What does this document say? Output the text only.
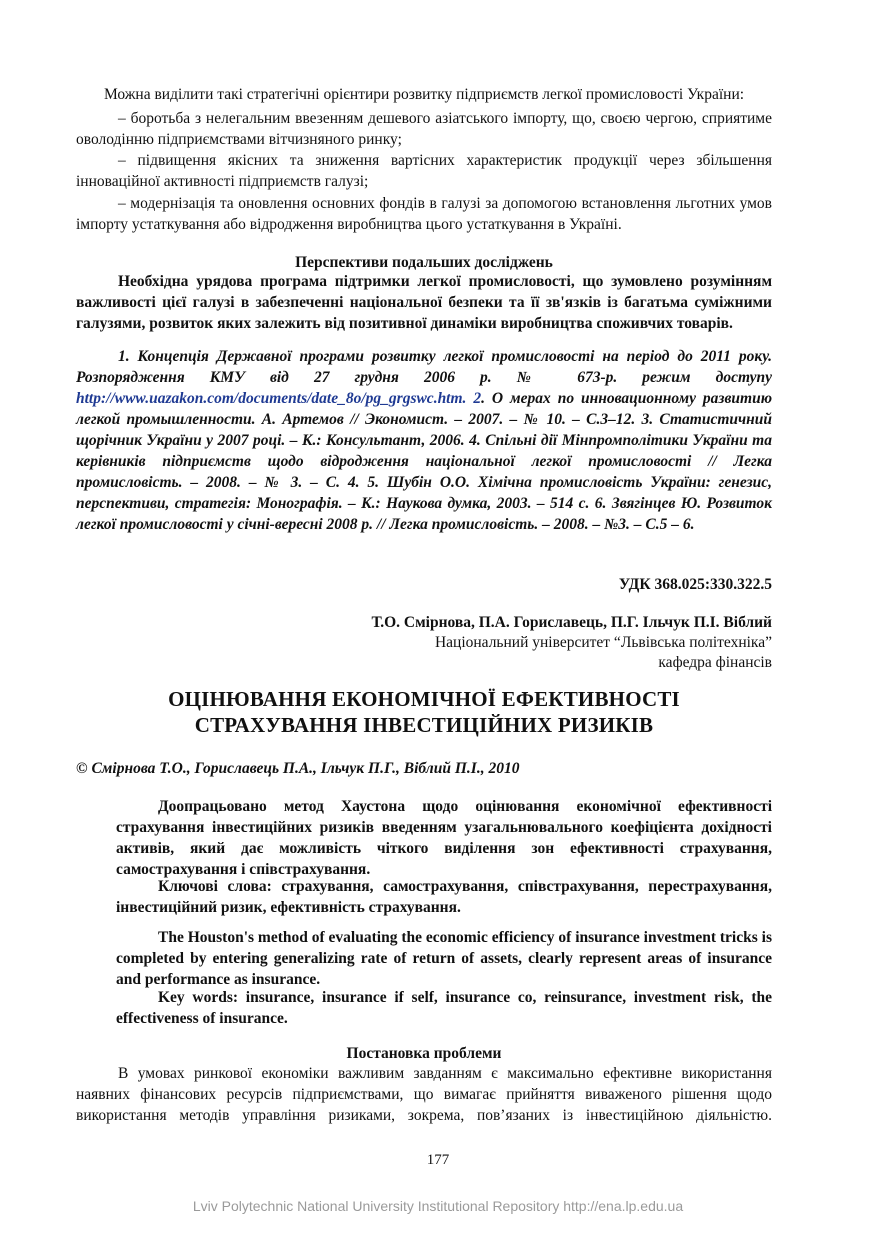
Можна виділити такі стратегічні орієнтири розвитку підприємств легкої промисловості України:

– боротьба з нелегальним ввезенням дешевого азіатського імпорту, що, своєю чергою, сприятиме оволодінню підприємствами вітчизняного ринку;

– підвищення якісних та зниження вартісних характеристик продукції через збільшення інноваційної активності підприємств галузі;

– модернізація та оновлення основних фондів в галузі за допомогою встановлення льготних умов імпорту устаткування або відродження виробництва цього устаткування в Україні.

Перспективи подальших досліджень

Необхідна урядова програма підтримки легкої промисловості, що зумовлено розумінням важливості цієї галузі в забезпеченні національної безпеки та її зв'язків із багатьма суміжними галузями, розвиток яких залежить від позитивної динаміки виробництва споживчих товарів.

1. Концепція Державної програми розвитку легкої промисловості на період до 2011 року. Розпорядження КМУ від 27 грудня 2006 р. № 673-р. режим доступу http://www.uazakon.com/documents/date_8o/pg_grgswc.htm. 2. О мерах по инновационному развитию легкой промышленности. А. Артемов // Экономист. – 2007. – № 10. – С.3–12. 3. Статистичний щорічник України у 2007 році. – К.: Консультант, 2006. 4. Спільні дії Мінпромполітики України та керівників підприємств щодо відродження національної легкої промисловості // Легка промисловість. – 2008. – № 3. – С. 4. 5. Шубін О.О. Хімічна промисловість України: генезис, перспективи, стратегія: Монографія. – К.: Наукова думка, 2003. – 514 с. 6. Звягінцев Ю. Розвиток легкої промисловості у січні-вересні 2008 р. // Легка промисловість. – 2008. – №3. – С.5 – 6.

УДК 368.025:330.322.5

Т.О. Смірнова, П.А. Гориславець, П.Г. Ільчук П.І. Віблий

Національний університет “Львівська політехніка”

кафедра фінансів

ОЦІНЮВАННЯ ЕКОНОМІЧНОЇ ЕФЕКТИВНОСТІ
СТРАХУВАННЯ ІНВЕСТИЦІЙНИХ РИЗИКІВ

© Смірнова Т.О., Гориславець П.А., Ільчук П.Г., Віблий П.І., 2010

Доопрацьовано метод Хаустона щодо оцінювання економічної ефективності страхування інвестиційних ризиків введенням узагальнювального коефіцієнта дохідності активів, який дає можливість чіткого виділення зон ефективності страхування, самострахування і співстрахування.

Ключові слова: страхування, самострахування, співстрахування, перестрахування, інвестиційний ризик, ефективність страхування.

The Houston's method of evaluating the economic efficiency of insurance investment tricks is completed by entering generalizing rate of return of assets, clearly represent areas of insurance and performance as insurance.

Key words: insurance, insurance if self, insurance co, reinsurance, investment risk, the effectiveness of insurance.

Постановка проблеми

В умовах ринкової економіки важливим завданням є максимально ефективне використання наявних фінансових ресурсів підприємствами, що вимагає прийняття виваженого рішення щодо використання методів управління ризиками, зокрема, пов’язаних із інвестиційною діяльністю.

177
Lviv Polytechnic National University Institutional Repository http://ena.lp.edu.ua
